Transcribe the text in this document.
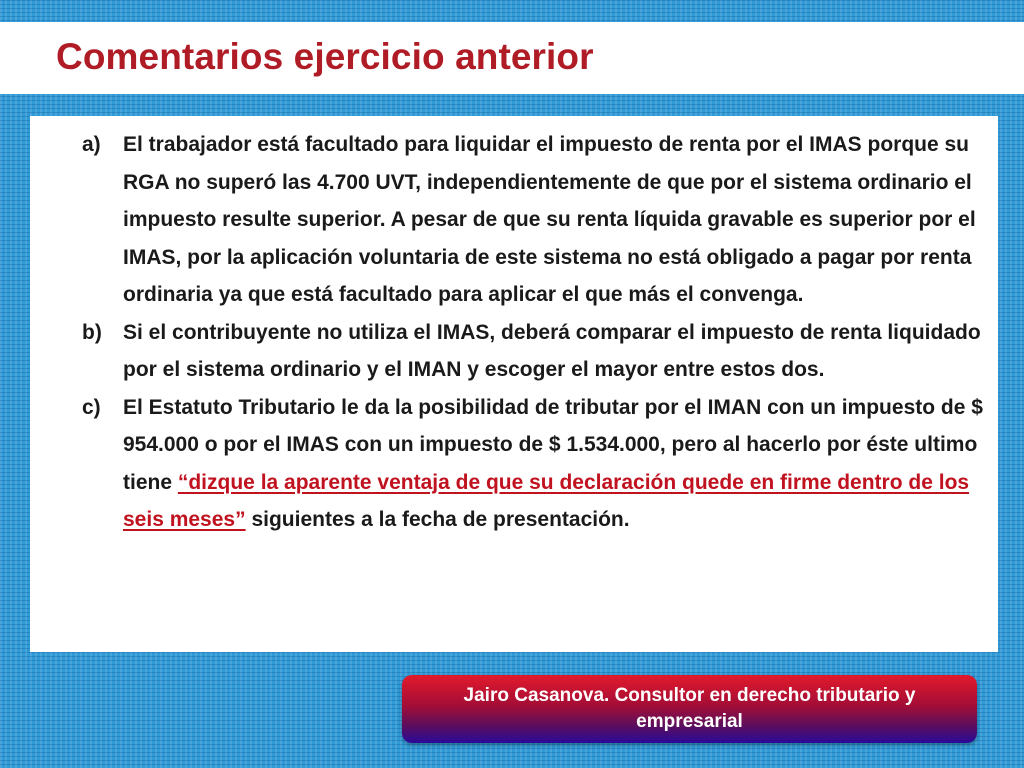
Comentarios ejercicio anterior
a) El trabajador está facultado para liquidar el impuesto de renta por el IMAS porque su RGA no superó las 4.700 UVT, independientemente de que por el sistema ordinario el impuesto resulte superior. A pesar de que su renta líquida gravable es superior por el IMAS, por la aplicación voluntaria de este sistema no está obligado a pagar por renta ordinaria ya que está facultado para aplicar el que más el convenga.
b) Si el contribuyente no utiliza el IMAS, deberá comparar el impuesto de renta liquidado por el sistema ordinario y el IMAN y escoger el mayor entre estos dos.
c) El Estatuto Tributario le da la posibilidad de tributar por el IMAN con un impuesto de $ 954.000 o por el IMAS con un impuesto de $ 1.534.000, pero al hacerlo por éste ultimo tiene “dizque la aparente ventaja de que su declaración quede en firme dentro de los seis meses” siguientes a la fecha de presentación.
Jairo Casanova. Consultor en derecho tributario y empresarial
